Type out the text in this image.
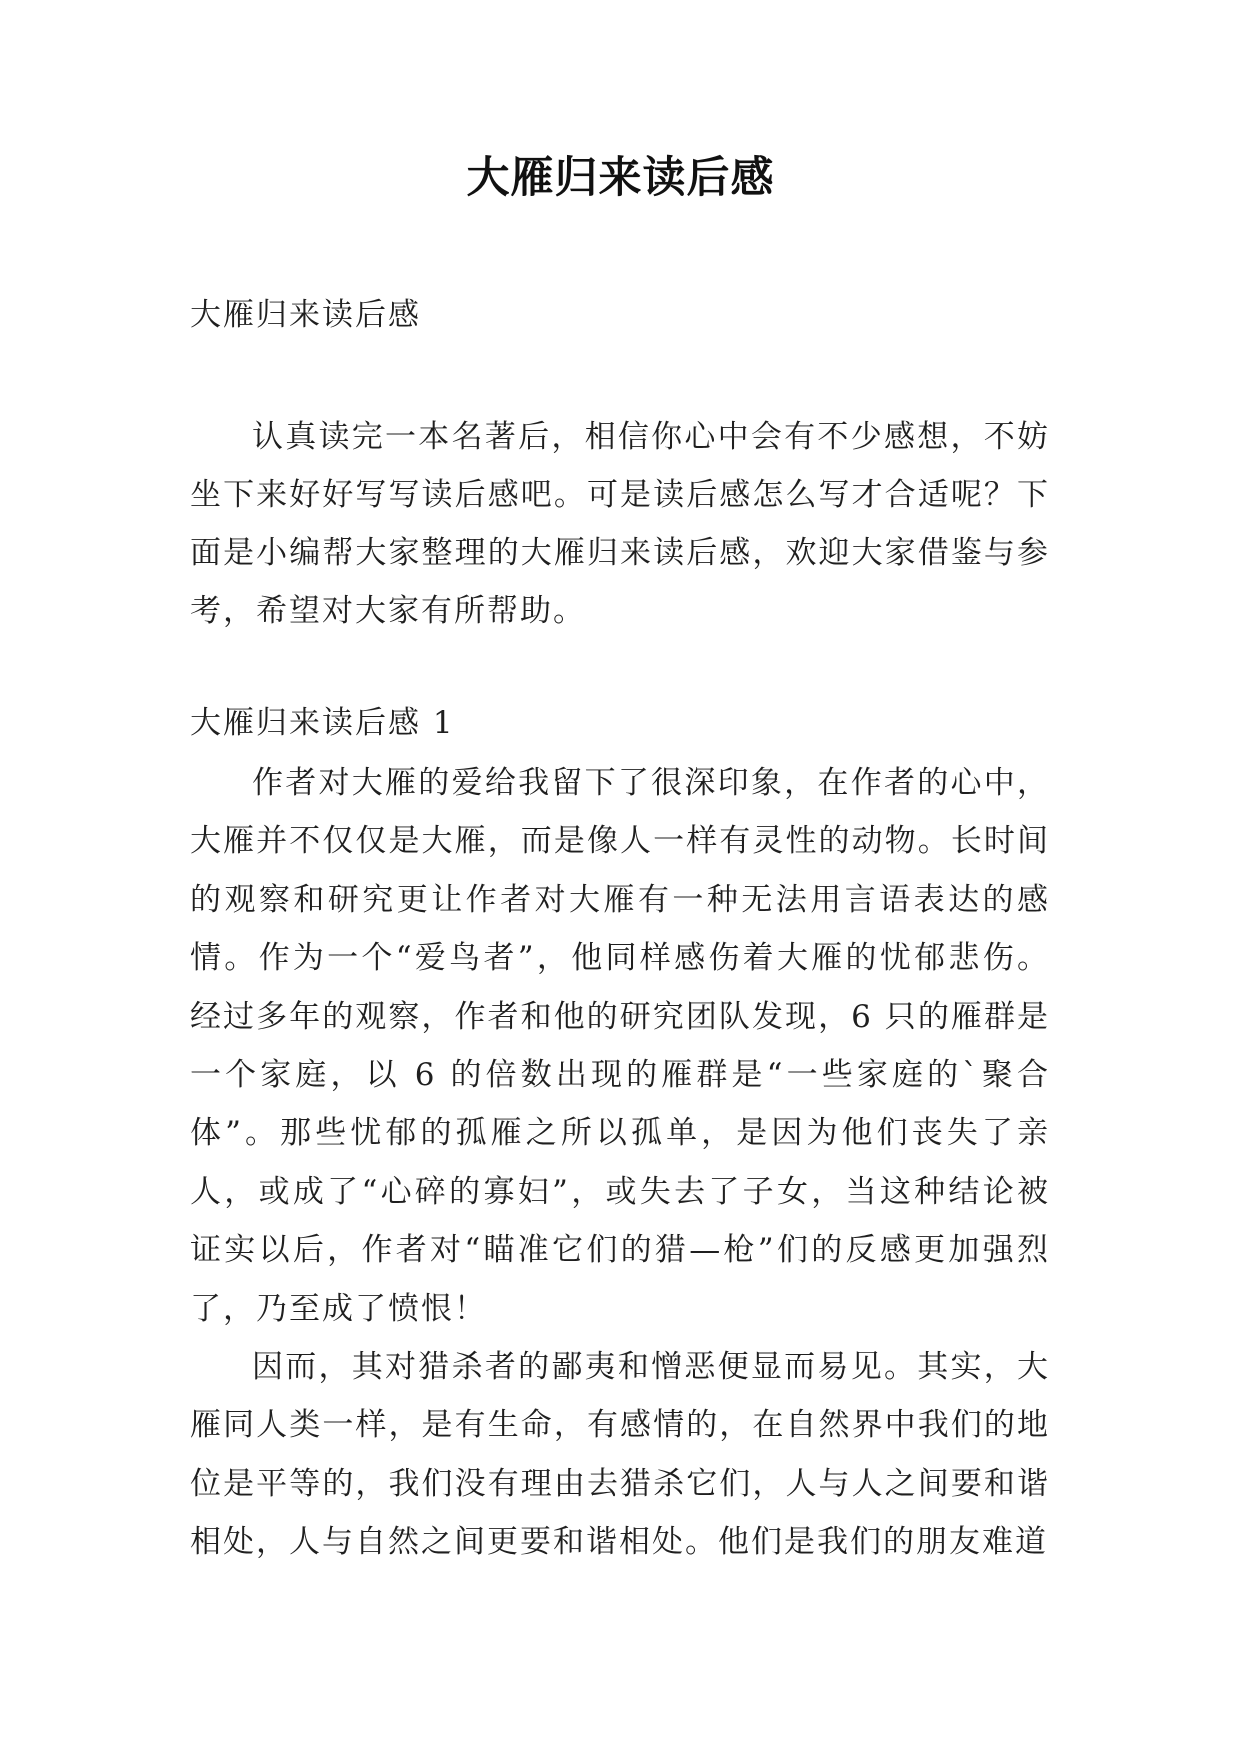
大雁归来读后感

大雁归来读后感

认真读完一本名著后，相信你心中会有不少感想，不妨坐下来好好写写读后感吧。可是读后感怎么写才合适呢？下面是小编帮大家整理的大雁归来读后感，欢迎大家借鉴与参考，希望对大家有所帮助。

大雁归来读后感 1

作者对大雁的爱给我留下了很深印象，在作者的心中，大雁并不仅仅是大雁，而是像人一样有灵性的动物。长时间的观察和研究更让作者对大雁有一种无法用言语表达的感情。作为一个“爱鸟者”，他同样感伤着大雁的忧郁悲伤。经过多年的观察，作者和他的研究团队发现，6 只的雁群是一个家庭，以 6 的倍数出现的雁群是“一些家庭的`聚合体”。那些忧郁的孤雁之所以孤单，是因为他们丧失了亲人，或成了“心碎的寡妇”，或失去了子女，当这种结论被证实以后，作者对“瞄准它们的猎—枪”们的反感更加强烈了，乃至成了愤恨！

因而，其对猎杀者的鄙夷和憎恶便显而易见。其实，大雁同人类一样，是有生命，有感情的，在自然界中我们的地位是平等的，我们没有理由去猎杀它们，人与人之间要和谐相处，人与自然之间更要和谐相处。他们是我们的朋友难道
